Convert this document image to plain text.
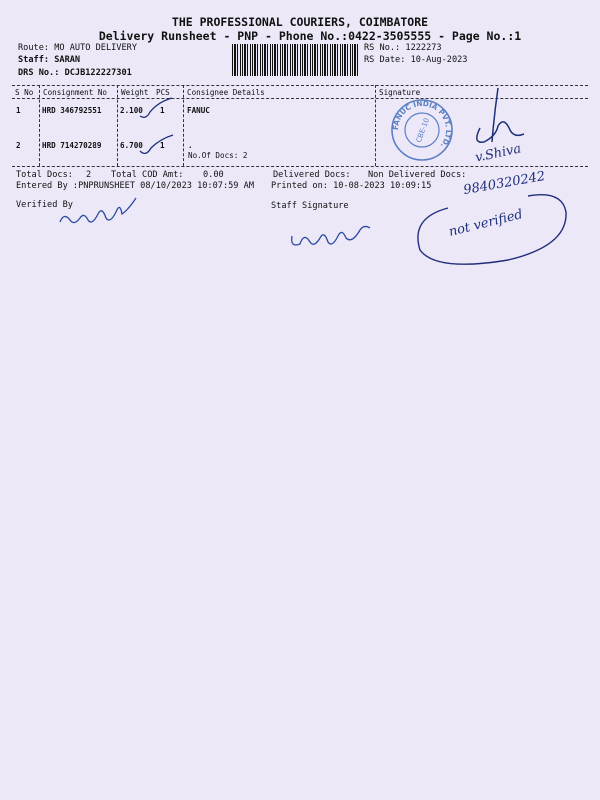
THE PROFESSIONAL COURIERS, COIMBATORE
Delivery Runsheet - PNP - Phone No.:0422-3505555 - Page No.:1
Route: MO AUTO DELIVERY
Staff: SARAN
DRS No.: DCJB122227301
RS No.: 1222273
RS Date: 10-Aug-2023
S No Consignment No Weight PCS Consignee Details	Signature
1	HRD 346792551 2.100 1	FANUC
2	HRD 714270289 6.700 1	.
No.Of Docs: 2
Total Docs: 2 Total COD Amt: 0.00	Delivered Docs: Non Delivered Docs:
Entered By :PNPRUNSHEET 08/10/2023 10:07:59 AM Printed on: 10-08-2023 10:09:15
Verified By	Staff Signature
FANUC INDIA PVT. LTD.
CBE-10
v.Shiva
9840320242
not verified
